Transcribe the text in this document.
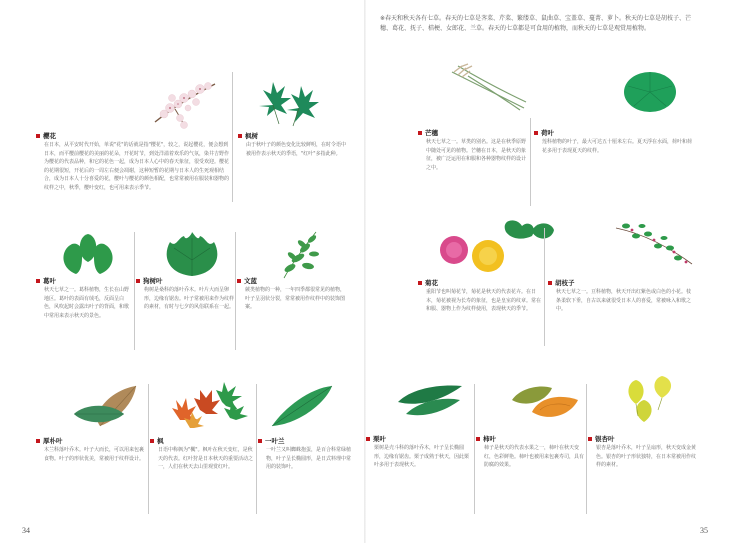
※春天和秋天各有七草。春天的七草是荠菜、芹菜、繁缕草、鼠曲草、宝盖草、蔓菁、萝卜。秋天的七草是胡枝子、芒穗、葛花、抚子、桔梗、女郎花、兰草。春天的七草都是可食用的植物，而秋天的七草是观赏用植物。
樱花
在日本，从平安时代开始，单说"花"的话就是指"樱花"，较之，说起樱花，便会想到日本，而平樱前樱花的美丽的花朵，开花时节，到处洋溢着欢乐的气氛，染井吉野作为樱花的代表品种，和它的花色一起，成为日本人心中的春天象征，很受欢迎。樱花的花期很短，开花后的一周左右便会凋谢，这种短暂的花期与日本人的生死观相结合，成为日本人十分喜爱的花，樱叶与樱花的颜色相配，也常常被用在服装和器物的纹样之中，秋季，樱叶变红，也可用来表示季节。
枫树
由于秋叶子的颜色变化比较鲜明，在时令语中被用作表示秋天的季语，"红叶"多指此种。
葛叶
秋天七草之一。葛科植物，生长在山野地区。葛叶的表面有绒毛，反面呈白色，风吹起时会露出叶子的背面，和歌中常用来表示秋天的景色。
狗树叶
枸树是桑科的落叶乔木。叶片大而呈卵形，边缘有锯齿。叶子常被用来作为纹样的素材，有时与七夕的风俗联系在一起。
文蓝
蕨类植物的一种，一年四季都很常见的植物，叶子呈羽状分裂，常常被用作纹样中的装饰图案。
厚朴叶
木兰科落叶乔木。叶子大而长，可以用来包裹食物。叶子的形状优美，常被用于纹样设计。
枫
日语中称枫为"楓"。枫叶在秋天变红，是秋天的代表。红叶狩是日本秋天的重要活动之一，人们在秋天去山里观赏红叶。
一叶兰
一叶兰又叫蜘蛛抱蛋，是百合科常绿植物，叶子呈长椭圆形，是日式料理中常用的装饰叶。
34
芒穗
秋天七草之一。草类的别名。这是在秋季原野中随处可见的植物。芒穗在日本，是秋天的象征，被广泛运用在和服和各种器物纹样的设计之中。
荷叶
莲科植物的叶子，最大可达五十厘米左右。夏天浮在水面，荷叶和荷花多用于表现夏天的纹样。
菊花
重阳节也叫菊花节，菊花是秋天的代表花卉。在日本，菊花被视为长寿的象征，也是皇室的纹章。常在和服、器物上作为纹样使用，表现秋天的季节。
胡枝子
秋天七草之一。豆科植物，秋天开出红紫色或白色的小花。枝条柔软下垂，自古以来就很受日本人的喜爱，常被咏入和歌之中。
栗叶
栗树是壳斗科的落叶乔木，叶子呈长椭圆形，边缘有锯齿。栗子成熟于秋天，因此栗叶多用于表现秋天。
柿叶
柿子是秋天的代表水果之一，柿叶在秋天变红，色彩鲜艳。柿叶也被用来包裹寿司，具有防腐的效果。
银杏叶
银杏是落叶乔木，叶子呈扇形，秋天变成金黄色。银杏的叶子形状独特，在日本常被用作纹样的素材。
35
